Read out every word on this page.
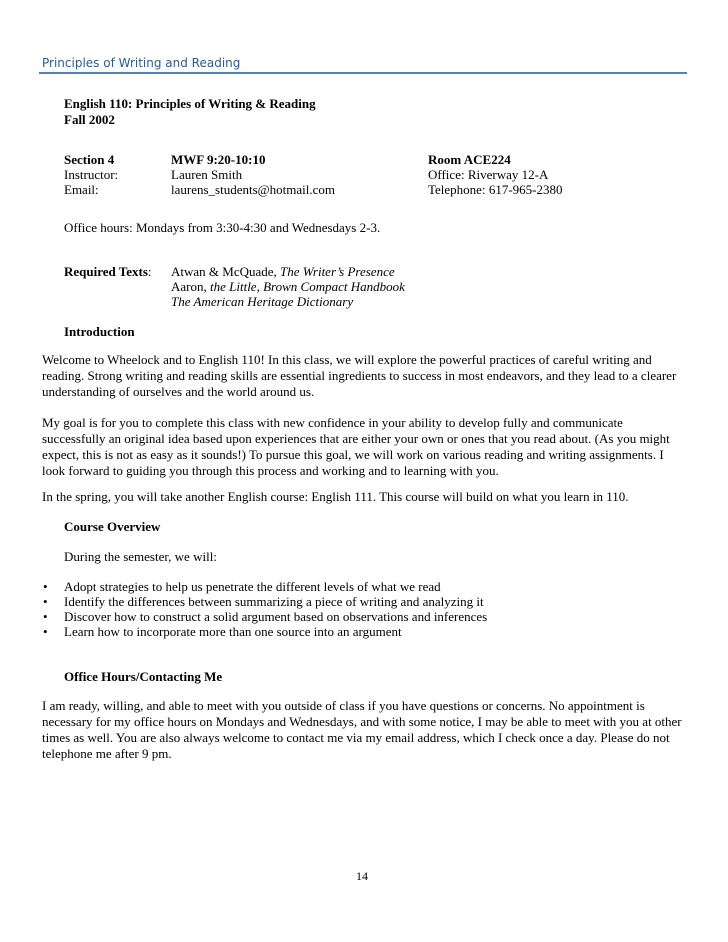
Principles of Writing and Reading
English 110: Principles of Writing & Reading
Fall 2002
Section 4	MWF 9:20-10:10	Room ACE224
Instructor:	Lauren Smith	Office: Riverway 12-A
Email:	laurens_students@hotmail.com	Telephone: 617-965-2380
Office hours: Mondays from 3:30-4:30 and Wednesdays 2-3.
Required Texts: Atwan & McQuade, The Writer’s Presence
Aaron, the Little, Brown Compact Handbook
The American Heritage Dictionary
Introduction
Welcome to Wheelock and to English 110! In this class, we will explore the powerful practices of careful writing and reading. Strong writing and reading skills are essential ingredients to success in most endeavors, and they lead to a clearer understanding of ourselves and the world around us.
My goal is for you to complete this class with new confidence in your ability to develop fully and communicate successfully an original idea based upon experiences that are either your own or ones that you read about. (As you might expect, this is not as easy as it sounds!) To pursue this goal, we will work on various reading and writing assignments. I look forward to guiding you through this process and working and to learning with you.
In the spring, you will take another English course: English 111. This course will build on what you learn in 110.
Course Overview
During the semester, we will:
• Adopt strategies to help us penetrate the different levels of what we read
• Identify the differences between summarizing a piece of writing and analyzing it
• Discover how to construct a solid argument based on observations and inferences
• Learn how to incorporate more than one source into an argument
Office Hours/Contacting Me
I am ready, willing, and able to meet with you outside of class if you have questions or concerns. No appointment is necessary for my office hours on Mondays and Wednesdays, and with some notice, I may be able to meet with you at other times as well. You are also always welcome to contact me via my email address, which I check once a day. Please do not telephone me after 9 pm.
14
